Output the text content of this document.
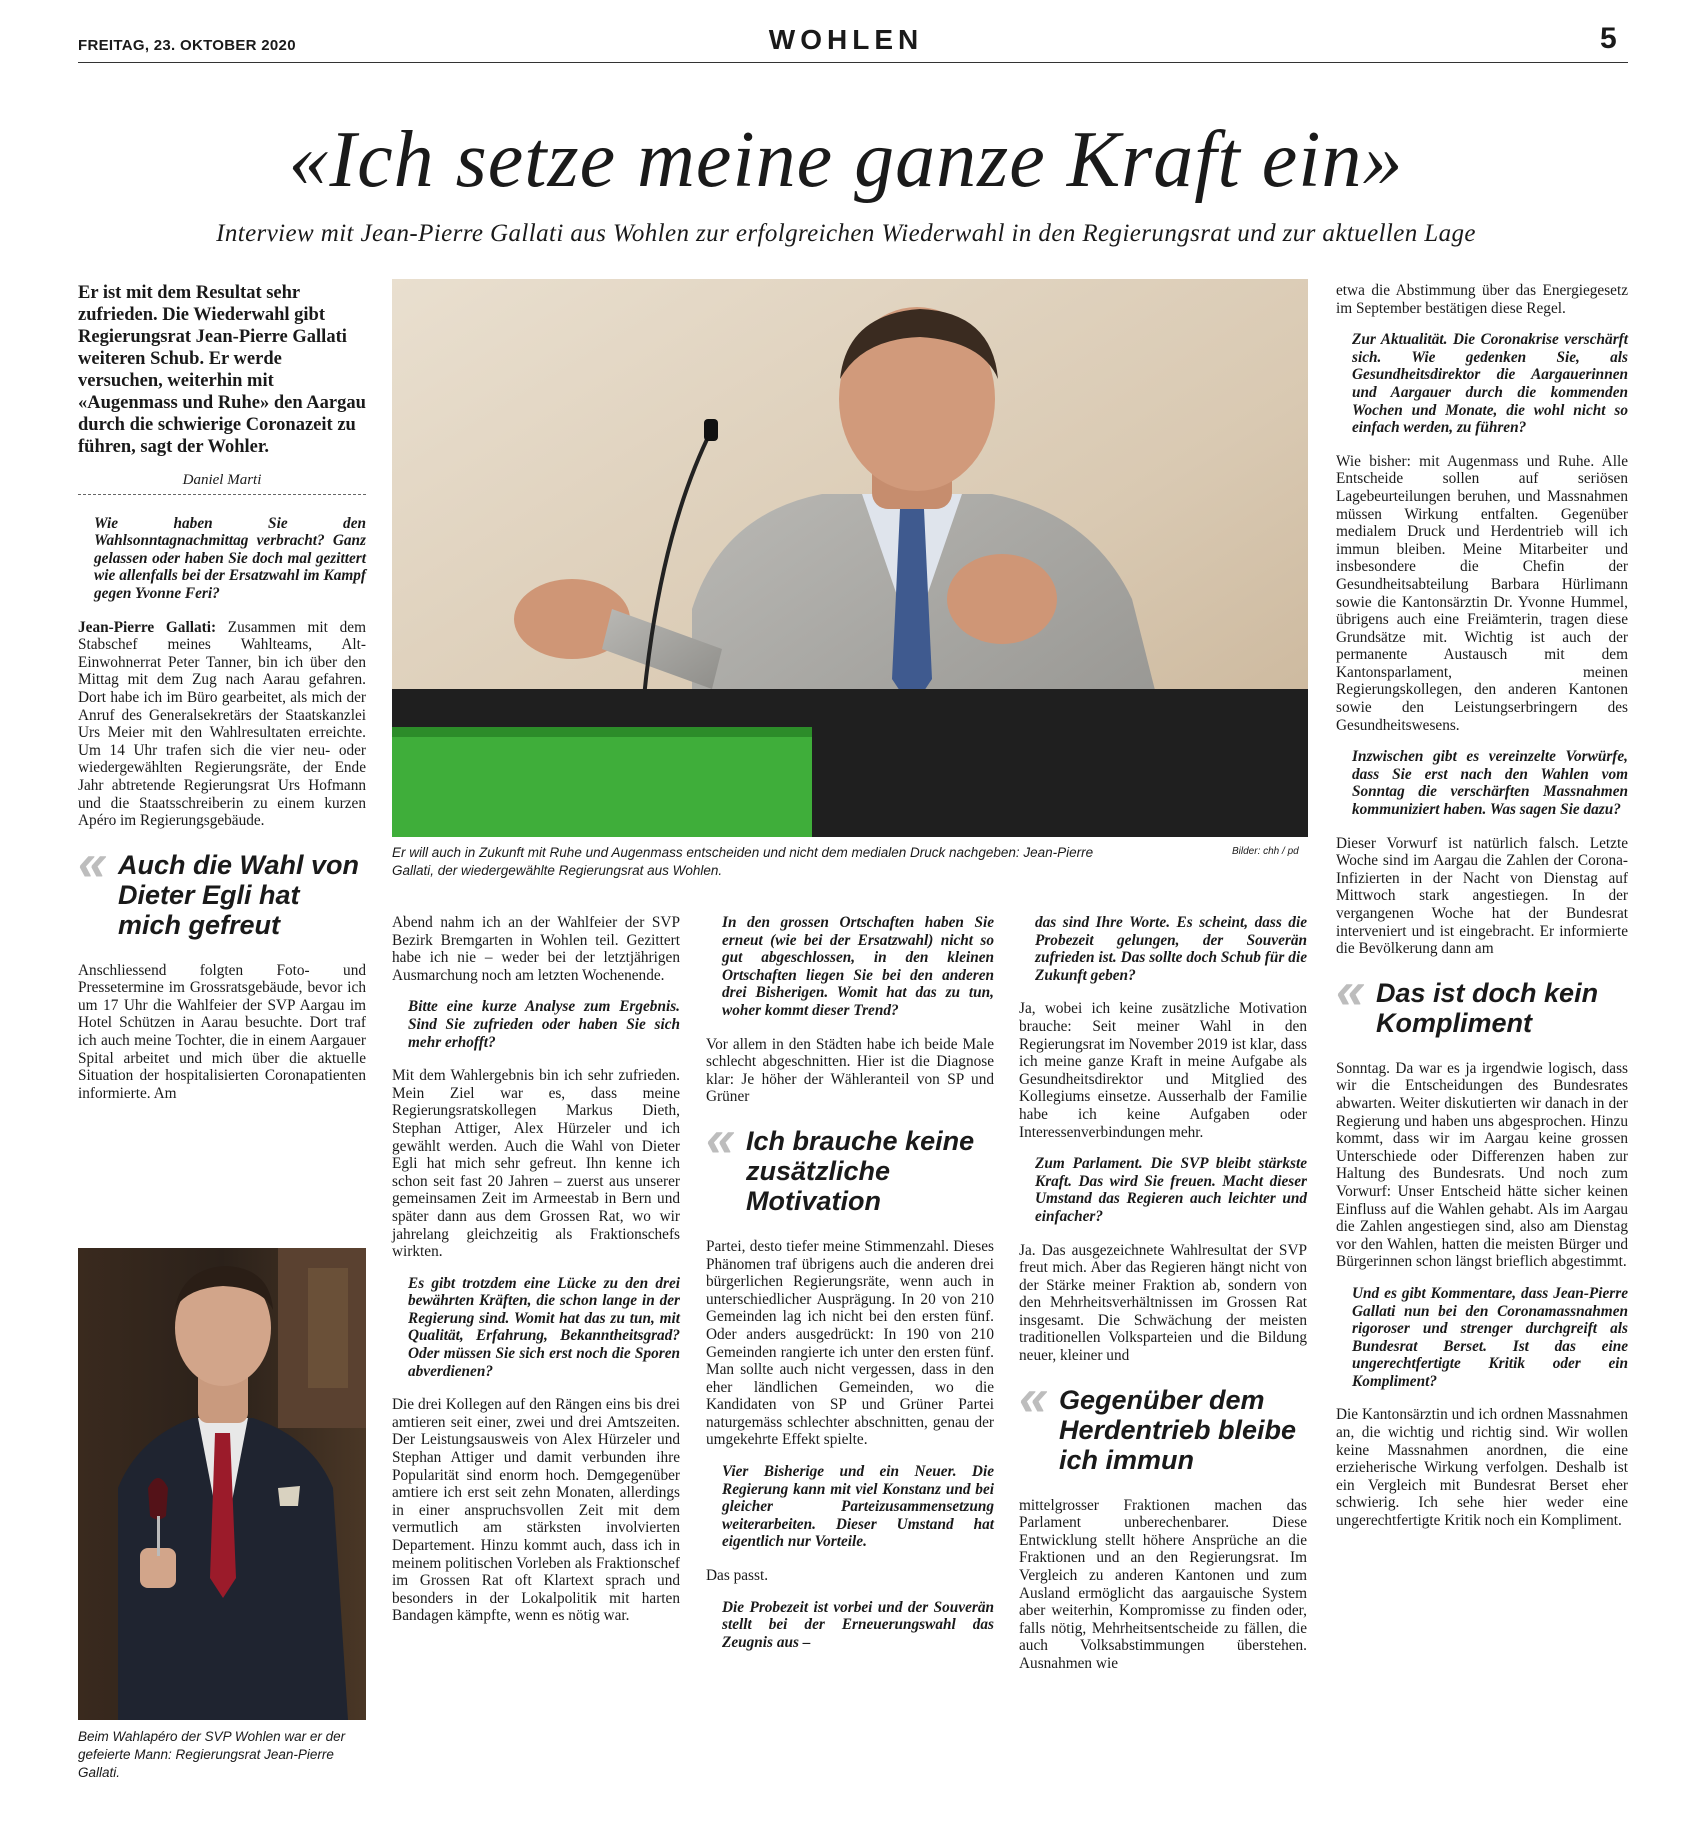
FREITAG, 23. OKTOBER 2020	WOHLEN	5
«Ich setze meine ganze Kraft ein»
Interview mit Jean-Pierre Gallati aus Wohlen zur erfolgreichen Wiederwahl in den Regierungsrat und zur aktuellen Lage

Er ist mit dem Resultat sehr zufrieden. Die Wiederwahl gibt Regierungsrat Jean-Pierre Gallati weiteren Schub. Er werde versuchen, weiterhin mit «Augenmass und Ruhe» den Aargau durch die schwierige Coronazeit zu führen, sagt der Wohler.

Daniel Marti

Wie haben Sie den Wahlsonntagnachmittag verbracht? Ganz gelassen oder haben Sie doch mal gezittert wie allenfalls bei der Ersatzwahl im Kampf gegen Yvonne Feri?

Jean-Pierre Gallati: Zusammen mit dem Stabschef meines Wahlteams, Alt-Einwohnerrat Peter Tanner, bin ich über den Mittag mit dem Zug nach Aarau gefahren. Dort habe ich im Büro gearbeitet, als mich der Anruf des Generalsekretärs der Staatskanzlei Urs Meier mit den Wahlresultaten erreichte. Um 14 Uhr trafen sich die vier neu- oder wiedergewählten Regierungsräte, der Ende Jahr abtretende Regierungsrat Urs Hofmann und die Staatsschreiberin zu einem kurzen Apéro im Regierungsgebäude.

« Auch die Wahl von Dieter Egli hat mich gefreut

Anschliessend folgten Foto- und Pressetermine im Grossratsgebäude, bevor ich um 17 Uhr die Wahlfeier der SVP Aargau im Hotel Schützen in Aarau besuchte. Dort traf ich auch meine Tochter, die in einem Aargauer Spital arbeitet und mich über die aktuelle Situation der hospitalisierten Coronapatienten informierte. Am

Beim Wahlapéro der SVP Wohlen war er der gefeierte Mann: Regierungsrat Jean-Pierre Gallati.
Er will auch in Zukunft mit Ruhe und Augenmass entscheiden und nicht dem medialen Druck nachgeben: Jean-Pierre Gallati, der wiedergewählte Regierungsrat aus Wohlen.
Bilder: chh / pd

Abend nahm ich an der Wahlfeier der SVP Bezirk Bremgarten in Wohlen teil. Gezittert habe ich nie – weder bei der letztjährigen Ausmarchung noch am letzten Wochenende.

Bitte eine kurze Analyse zum Ergebnis. Sind Sie zufrieden oder haben Sie sich mehr erhofft?

Mit dem Wahlergebnis bin ich sehr zufrieden. Mein Ziel war es, dass meine Regierungsratskollegen Markus Dieth, Stephan Attiger, Alex Hürzeler und ich gewählt werden. Auch die Wahl von Dieter Egli hat mich sehr gefreut. Ihn kenne ich schon seit fast 20 Jahren – zuerst aus unserer gemeinsamen Zeit im Armeestab in Bern und später dann aus dem Grossen Rat, wo wir jahrelang gleichzeitig als Fraktionschefs wirkten.

Es gibt trotzdem eine Lücke zu den drei bewährten Kräften, die schon lange in der Regierung sind. Womit hat das zu tun, mit Qualität, Erfahrung, Bekanntheitsgrad? Oder müssen Sie sich erst noch die Sporen abverdienen?

Die drei Kollegen auf den Rängen eins bis drei amtieren seit einer, zwei und drei Amtszeiten. Der Leistungsausweis von Alex Hürzeler und Stephan Attiger und damit verbunden ihre Popularität sind enorm hoch. Demgegenüber amtiere ich erst seit zehn Monaten, allerdings in einer anspruchsvollen Zeit mit dem vermutlich am stärksten involvierten Departement. Hinzu kommt auch, dass ich in meinem politischen Vorleben als Fraktionschef im Grossen Rat oft Klartext sprach und besonders in der Lokalpolitik mit harten Bandagen kämpfte, wenn es nötig war.

In den grossen Ortschaften haben Sie erneut (wie bei der Ersatzwahl) nicht so gut abgeschlossen, in den kleinen Ortschaften liegen Sie bei den anderen drei Bisherigen. Womit hat das zu tun, woher kommt dieser Trend?

Vor allem in den Städten habe ich beide Male schlecht abgeschnitten. Hier ist die Diagnose klar: Je höher der Wähleranteil von SP und Grüner

« Ich brauche keine zusätzliche Motivation

Partei, desto tiefer meine Stimmenzahl. Dieses Phänomen traf übrigens auch die anderen drei bürgerlichen Regierungsräte, wenn auch in unterschiedlicher Ausprägung. In 20 von 210 Gemeinden lag ich nicht bei den ersten fünf. Oder anders ausgedrückt: In 190 von 210 Gemeinden rangierte ich unter den ersten fünf. Man sollte auch nicht vergessen, dass in den eher ländlichen Gemeinden, wo die Kandidaten von SP und Grüner Partei naturgemäss schlechter abschnitten, genau der umgekehrte Effekt spielte.

Vier Bisherige und ein Neuer. Die Regierung kann mit viel Konstanz und bei gleicher Parteizusammensetzung weiterarbeiten. Dieser Umstand hat eigentlich nur Vorteile.

Das passt.

Die Probezeit ist vorbei und der Souverän stellt bei der Erneuerungswahl das Zeugnis aus –

das sind Ihre Worte. Es scheint, dass die Probezeit gelungen, der Souverän zufrieden ist. Das sollte doch Schub für die Zukunft geben?

Ja, wobei ich keine zusätzliche Motivation brauche: Seit meiner Wahl in den Regierungsrat im November 2019 ist klar, dass ich meine ganze Kraft in meine Aufgabe als Gesundheitsdirektor und Mitglied des Kollegiums einsetze. Ausserhalb der Familie habe ich keine Aufgaben oder Interessenverbindungen mehr.

Zum Parlament. Die SVP bleibt stärkste Kraft. Das wird Sie freuen. Macht dieser Umstand das Regieren auch leichter und einfacher?

Ja. Das ausgezeichnete Wahlresultat der SVP freut mich. Aber das Regieren hängt nicht von der Stärke meiner Fraktion ab, sondern von den Mehrheitsverhältnissen im Grossen Rat insgesamt. Die Schwächung der meisten traditionellen Volksparteien und die Bildung neuer, kleiner und

« Gegenüber dem Herdentrieb bleibe ich immun

mittelgrosser Fraktionen machen das Parlament unberechenbarer. Diese Entwicklung stellt höhere Ansprüche an die Fraktionen und an den Regierungsrat. Im Vergleich zu anderen Kantonen und zum Ausland ermöglicht das aargauische System aber weiterhin, Kompromisse zu finden oder, falls nötig, Mehrheitsentscheide zu fällen, die auch Volksabstimmungen überstehen. Ausnahmen wie

etwa die Abstimmung über das Energiegesetz im September bestätigen diese Regel.

Zur Aktualität. Die Coronakrise verschärft sich. Wie gedenken Sie, als Gesundheitsdirektor die Aargauerinnen und Aargauer durch die kommenden Wochen und Monate, die wohl nicht so einfach werden, zu führen?

Wie bisher: mit Augenmass und Ruhe. Alle Entscheide sollen auf seriösen Lagebeurteilungen beruhen, und Massnahmen müssen Wirkung entfalten. Gegenüber medialem Druck und Herdentrieb will ich immun bleiben. Meine Mitarbeiter und insbesondere die Chefin der Gesundheitsabteilung Barbara Hürlimann sowie die Kantonsärztin Dr. Yvonne Hummel, übrigens auch eine Freiämterin, tragen diese Grundsätze mit. Wichtig ist auch der permanente Austausch mit dem Kantonsparlament, meinen Regierungskollegen, den anderen Kantonen sowie den Leistungserbringern des Gesundheitswesens.

Inzwischen gibt es vereinzelte Vorwürfe, dass Sie erst nach den Wahlen vom Sonntag die verschärften Massnahmen kommuniziert haben. Was sagen Sie dazu?

Dieser Vorwurf ist natürlich falsch. Letzte Woche sind im Aargau die Zahlen der Corona-Infizierten in der Nacht von Dienstag auf Mittwoch stark angestiegen. In der vergangenen Woche hat der Bundesrat interveniert und ist eingebracht. Er informierte die Bevölkerung dann am

« Das ist doch kein Kompliment

Sonntag. Da war es ja irgendwie logisch, dass wir die Entscheidungen des Bundesrates abwarten. Weiter diskutierten wir danach in der Regierung und haben uns abgesprochen. Hinzu kommt, dass wir im Aargau keine grossen Unterschiede oder Differenzen haben zur Haltung des Bundesrats. Und noch zum Vorwurf: Unser Entscheid hätte sicher keinen Einfluss auf die Wahlen gehabt. Als im Aargau die Zahlen angestiegen sind, also am Dienstag vor den Wahlen, hatten die meisten Bürger und Bürgerinnen schon längst brieflich abgestimmt.

Und es gibt Kommentare, dass Jean-Pierre Gallati nun bei den Coronamassnahmen rigoroser und strenger durchgreift als Bundesrat Berset. Ist das eine ungerechtfertigte Kritik oder ein Kompliment?

Die Kantonsärztin und ich ordnen Massnahmen an, die wichtig und richtig sind. Wir wollen keine Massnahmen anordnen, die eine erzieherische Wirkung verfolgen. Deshalb ist ein Vergleich mit Bundesrat Berset eher schwierig. Ich sehe hier weder eine ungerechtfertigte Kritik noch ein Kompliment.
